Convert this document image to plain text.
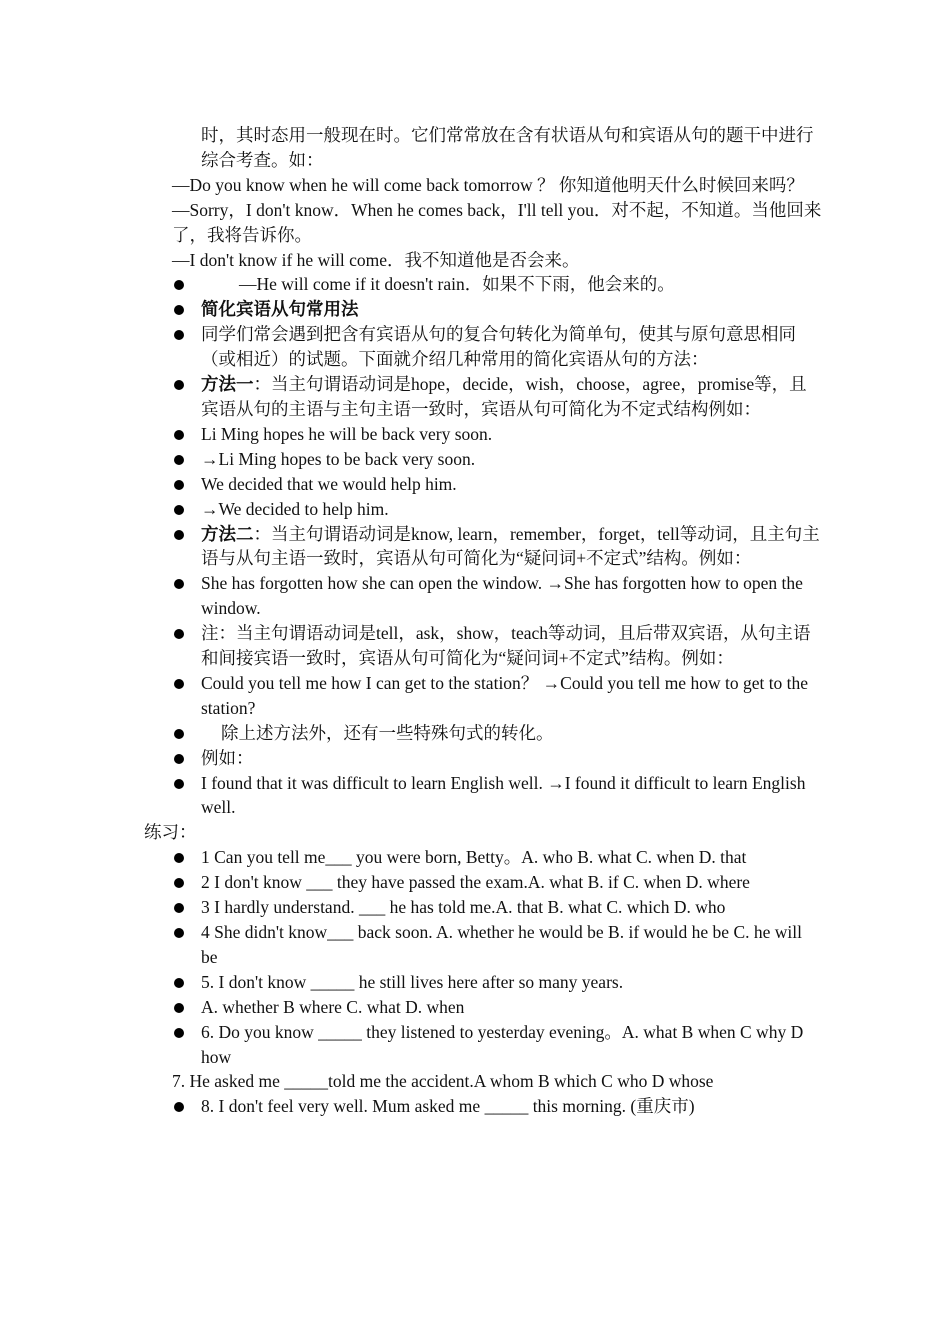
时，其时态用一般现在时。它们常常放在含有状语从句和宾语从句的题干中进行综合考查。如：

—Do you know when he will come back tomorrow ？ 你知道他明天什么时候回来吗？

—Sorry，I don't know．When he comes back，I'll tell you．对不起，不知道。当他回来了，我将告诉你。

—I don't know if he will come．我不知道他是否会来。

—He will come if it doesn't rain．如果不下雨，他会来的。
简化宾语从句常用法
同学们常会遇到把含有宾语从句的复合句转化为简单句，使其与原句意思相同（或相近）的试题。下面就介绍几种常用的简化宾语从句的方法：
方法一：当主句谓语动词是hope，decide，wish，choose，agree，promise等，且宾语从句的主语与主句主语一致时，宾语从句可简化为不定式结构例如：
Li Ming hopes he will be back very soon.
→Li Ming hopes to be back very soon.
We decided that we would help him.
→We decided to help him.
方法二：当主句谓语动词是know, learn，remember，forget，tell等动词，且主句主语与从句主语一致时，宾语从句可简化为“疑问词+不定式”结构。例如：
She has forgotten how she can open the window. →She has forgotten how to open the window.
注：当主句谓语动词是tell，ask，show，teach等动词，且后带双宾语，从句主语和间接宾语一致时，宾语从句可简化为“疑问词+不定式”结构。例如：
Could you tell me how I can get to the station？ →Could you tell me how to get to the station?
除上述方法外，还有一些特殊句式的转化。
例如：
I found that it was difficult to learn English well. →I found it difficult to learn English well.

练习：

1 Can you tell me___ you were born, Betty。A. who B. what C. when D. that
2 I don't know ___ they have passed the exam.A. what B. if C. when D. where
3 I hardly understand. ___ he has told me.A. that B. what C. which D. who
4 She didn't know___ back soon. A. whether he would be B. if would he be C. he will be
5. I don't know _____ he still lives here after so many years.
A. whether B where C. what D. when
6. Do you know _____ they listened to yesterday evening。A. what B when C why D how

7. He asked me _____told me the accident.A whom B which C who D whose

8. I don't feel very well. Mum asked me _____ this morning. (重庆市)
